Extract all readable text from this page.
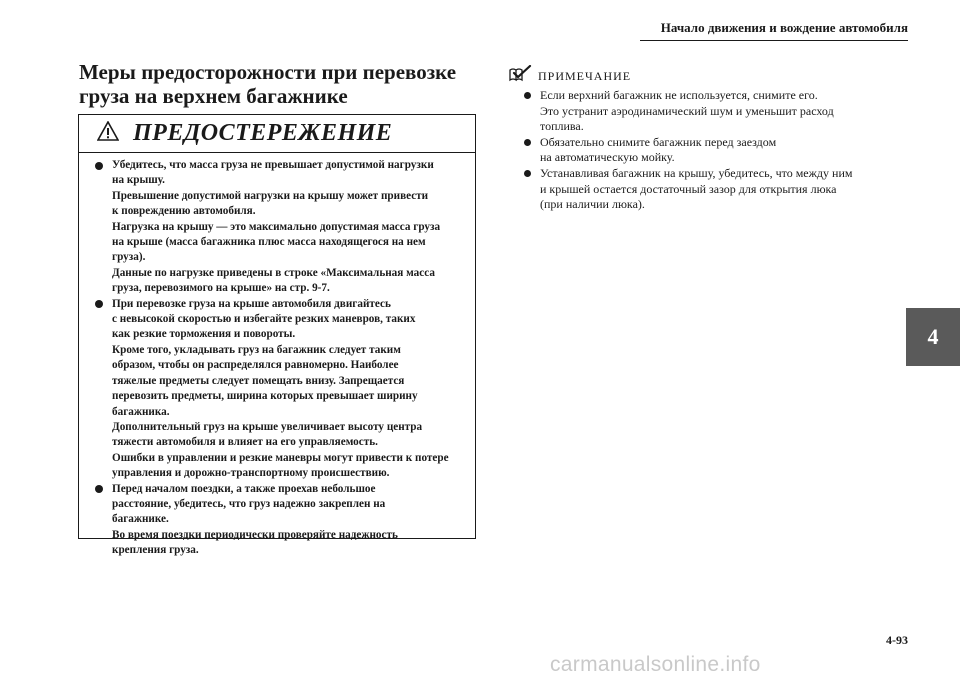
Начало движения и вождение автомобиля
Меры предосторожности при перевозке
груза на верхнем багажнике
ПРЕДОСТЕРЕЖЕНИЕ
Убедитесь, что масса груза не превышает допустимой нагрузки
на крышу.
Превышение допустимой нагрузки на крышу может привести
к повреждению автомобиля.
Нагрузка на крышу — это максимально допустимая масса груза
на крыше (масса багажника плюс масса находящегося на нем
груза).
Данные по нагрузке приведены в строке «Максимальная масса
груза, перевозимого на крыше» на стр. 9-7.
При перевозке груза на крыше автомобиля двигайтесь
с невысокой скоростью и избегайте резких маневров, таких
как резкие торможения и повороты.
Кроме того, укладывать груз на багажник следует таким
образом, чтобы он распределялся равномерно. Наиболее
тяжелые предметы следует помещать внизу. Запрещается
перевозить предметы, ширина которых превышает ширину
багажника.
Дополнительный груз на крыше увеличивает высоту центра
тяжести автомобиля и влияет на его управляемость.
Ошибки в управлении и резкие маневры могут привести к потере
управления и дорожно-транспортному происшествию.
Перед началом поездки, а также проехав небольшое
расстояние, убедитесь, что груз надежно закреплен на
багажнике.
Во время поездки периодически проверяйте надежность
крепления груза.
ПРИМЕЧАНИЕ
Если верхний багажник не используется, снимите его.
Это устранит аэродинамический шум и уменьшит расход
топлива.
Обязательно снимите багажник перед заездом
на автоматическую мойку.
Устанавливая багажник на крышу, убедитесь, что между ним
и крышей остается достаточный зазор для открытия люка
(при наличии люка).
4
4-93
carmanualsonline.info
